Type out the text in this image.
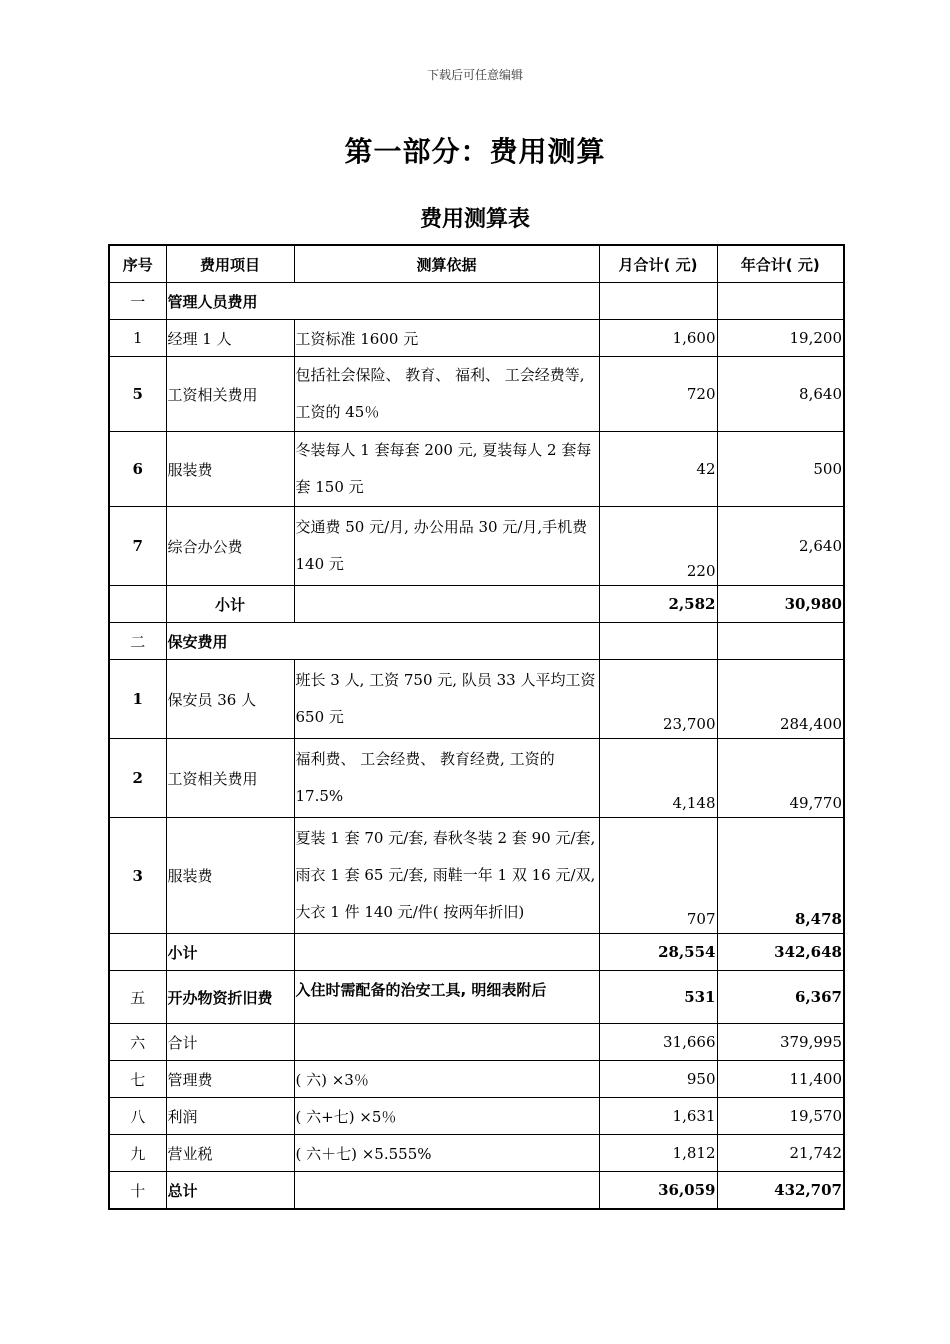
下载后可任意编辑
第一部分：费用测算
费用测算表
序号	费用项目	测算依据	月合计( 元)	年合计( 元)
一	管理人员费用			
1	经理 1 人	工资标准 1600 元	1,600	19,200
5	工资相关费用	包括社会保险、 教育、 福利、 工会经费等,工资的 45％	720	8,640
6	服装费	冬装每人 1 套每套 200 元, 夏装每人 2 套每套 150 元	42	500
7	综合办公费	交通费 50 元/月, 办公用品 30 元/月,手机费 140 元	220	2,640
	小计		2,582	30,980
二	保安费用			
1	保安员 36 人	班长 3 人, 工资 750 元, 队员 33 人平均工资 650 元	23,700	284,400
2	工资相关费用	福利费、 工会经费、 教育经费, 工资的 17.5%	4,148	49,770
3	服装费	夏装 1 套 70 元/套, 春秋冬装 2 套 90 元/套, 雨衣 1 套 65 元/套, 雨鞋一年 1 双 16 元/双, 大衣 1 件 140 元/件( 按两年折旧)	707	8,478
	小计		28,554	342,648
五	开办物资折旧费	入住时需配备的治安工具, 明细表附后	531	6,367
六	合计		31,666	379,995
七	管理费	( 六) ×3％	950	11,400
八	利润	( 六+七) ×5％	1,631	19,570
九	营业税	( 六＋七) ×5.555%	1,812	21,742
十	总计		36,059	432,707
